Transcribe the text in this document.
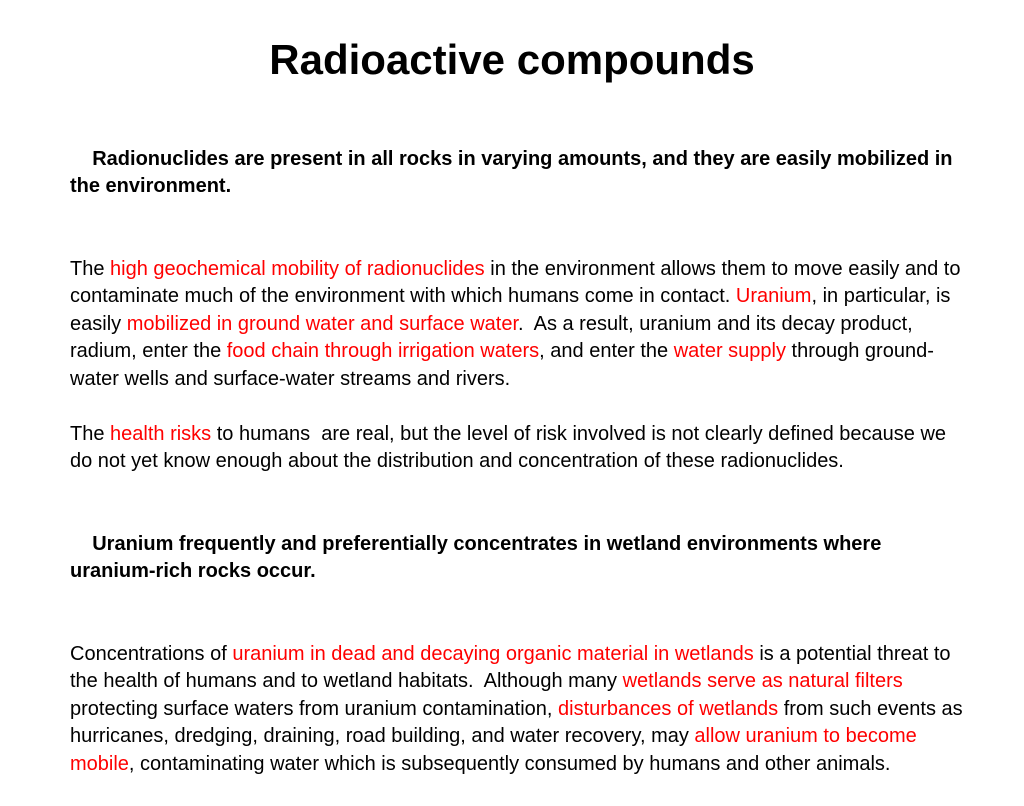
Radioactive compounds

Radionuclides are present in all rocks in varying amounts, and they are easily mobilized in the environment.

The high geochemical mobility of radionuclides in the environment allows them to move easily and to contaminate much of the environment with which humans come in contact. Uranium, in particular, is easily mobilized in ground water and surface water.  As a result, uranium and its decay product, radium, enter the food chain through irrigation waters, and enter the water supply through ground-water wells and surface-water streams and rivers.

The health risks to humans  are real, but the level of risk involved is not clearly defined because we do not yet know enough about the distribution and concentration of these radionuclides.

Uranium frequently and preferentially concentrates in wetland environments where uranium-rich rocks occur.

Concentrations of uranium in dead and decaying organic material in wetlands is a potential threat to the health of humans and to wetland habitats.  Although many wetlands serve as natural filters protecting surface waters from uranium contamination, disturbances of wetlands from such events as hurricanes, dredging, draining, road building, and water recovery, may allow uranium to become mobile, contaminating water which is subsequently consumed by humans and other animals.
